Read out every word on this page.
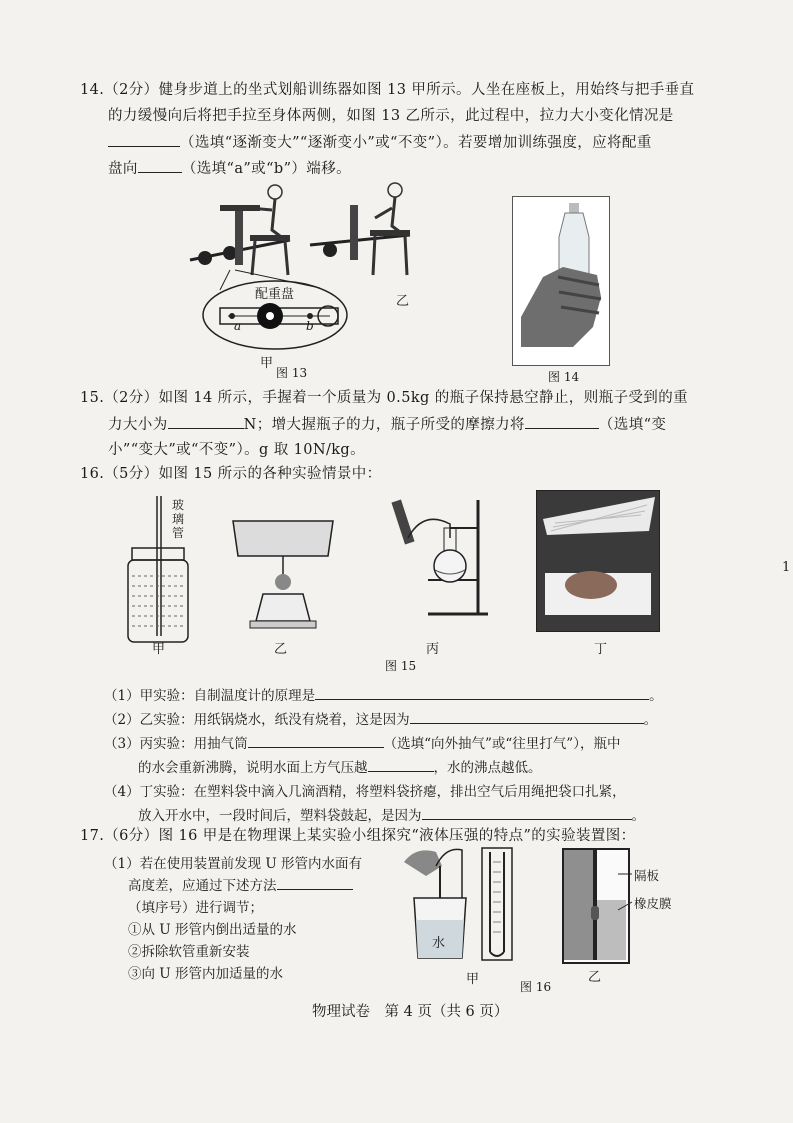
14.（2分）健身步道上的坐式划船训练器如图 13 甲所示。人坐在座板上，用始终与把手垂直
的力缓慢向后将把手拉至身体两侧，如图 13 乙所示，此过程中，拉力大小变化情况是
（选填“逐渐变大”“逐渐变小”或“不变”）。若要增加训练强度，应将配重
盘向	（选填“a”或“b”）端移。
配重盘
a	b
乙
甲
图 13	图 14
15.（2分）如图 14 所示，手握着一个质量为 0.5kg 的瓶子保持悬空静止，则瓶子受到的重
力大小为	N；增大握瓶子的力，瓶子所受的摩擦力将	（选填“变
小”“变大”或“不变”）。g 取 10N/kg。
16.（5分）如图 15 所示的各种实验情景中：
玻璃管
甲	乙	丙	丁
图 15
（1）甲实验：自制温度计的原理是	。
（2）乙实验：用纸锅烧水，纸没有烧着，这是因为	。
（3）丙实验：用抽气筒	（选填“向外抽气”或“往里打气”），瓶中
的水会重新沸腾，说明水面上方气压越	，水的沸点越低。
（4）丁实验：在塑料袋中滴入几滴酒精，将塑料袋挤瘪，排出空气后用绳把袋口扎紧，
放入开水中，一段时间后，塑料袋鼓起，是因为	。
17.（6分）图 16 甲是在物理课上某实验小组探究“液体压强的特点”的实验装置图：
（1）若在使用装置前发现 U 形管内水面有
高度差，应通过下述方法
（填序号）进行调节；
①从 U 形管内倒出适量的水
②拆除软管重新安装
③向 U 形管内加适量的水
水
甲
隔板
橡皮膜
乙
图 16
1
物理试卷　第 4 页（共 6 页）
